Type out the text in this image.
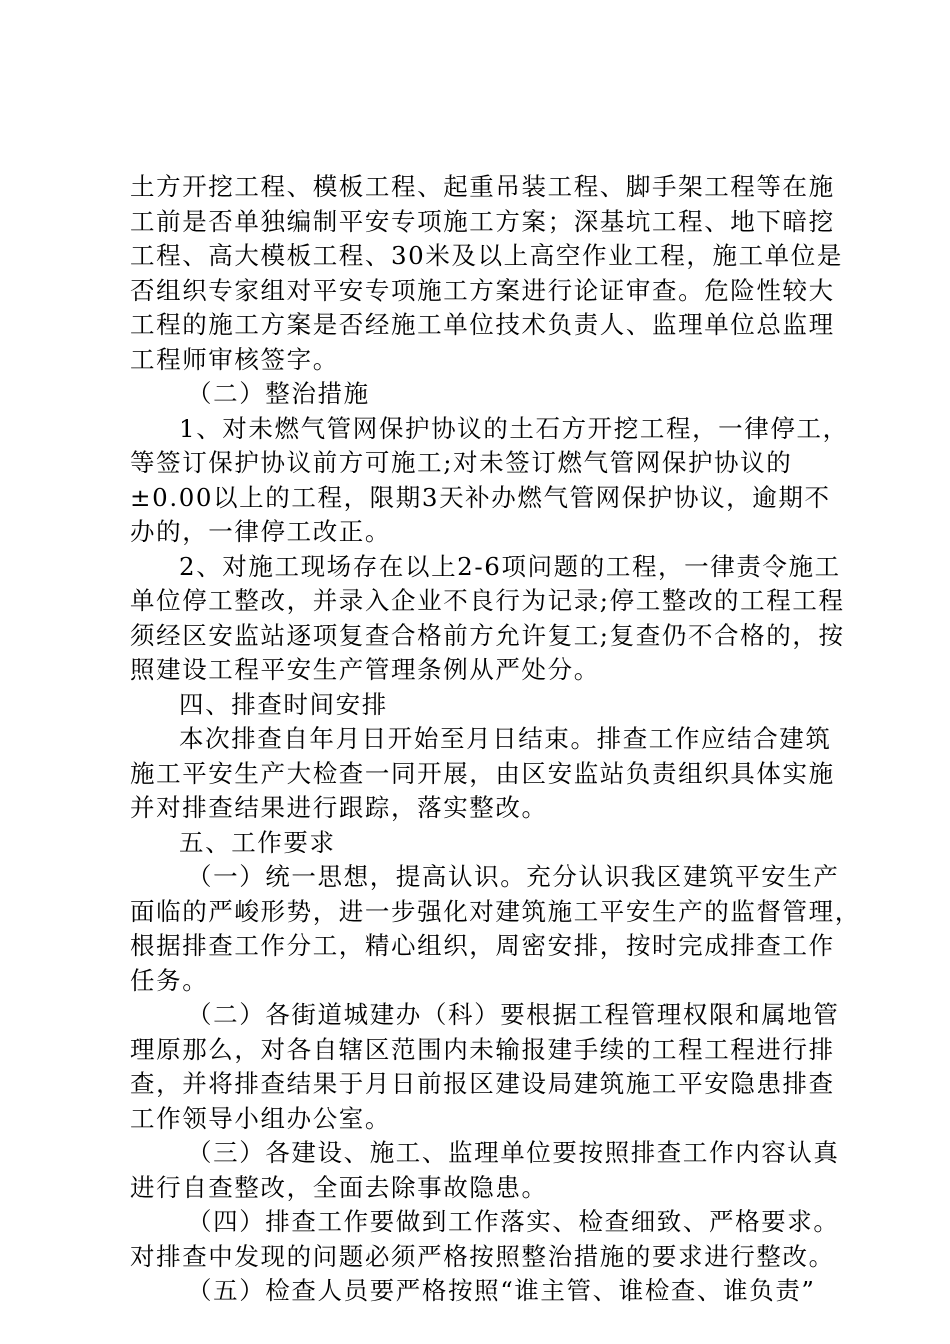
土方开挖工程、模板工程、起重吊装工程、脚手架工程等在施
工前是否单独编制平安专项施工方案；深基坑工程、地下暗挖
工程、高大模板工程、30米及以上高空作业工程，施工单位是
否组织专家组对平安专项施工方案进行论证审查。危险性较大
工程的施工方案是否经施工单位技术负责人、监理单位总监理
工程师审核签字。
（二）整治措施
1、对未燃气管网保护协议的土石方开挖工程，一律停工，
等签订保护协议前方可施工;对未签订燃气管网保护协议的
±0.00以上的工程，限期3天补办燃气管网保护协议，逾期不
办的，一律停工改正。
2、对施工现场存在以上2-6项问题的工程，一律责令施工
单位停工整改，并录入企业不良行为记录;停工整改的工程工程
须经区安监站逐项复查合格前方允许复工;复查仍不合格的，按
照建设工程平安生产管理条例从严处分。
四、排查时间安排
本次排查自年月日开始至月日结束。排查工作应结合建筑
施工平安生产大检查一同开展，由区安监站负责组织具体实施
并对排查结果进行跟踪，落实整改。
五、工作要求
（一）统一思想，提高认识。充分认识我区建筑平安生产
面临的严峻形势，进一步强化对建筑施工平安生产的监督管理，
根据排查工作分工，精心组织，周密安排，按时完成排查工作
任务。
（二）各街道城建办（科）要根据工程管理权限和属地管
理原那么，对各自辖区范围内未输报建手续的工程工程进行排
查，并将排查结果于月日前报区建设局建筑施工平安隐患排查
工作领导小组办公室。
（三）各建设、施工、监理单位要按照排查工作内容认真
进行自查整改，全面去除事故隐患。
（四）排查工作要做到工作落实、检查细致、严格要求。
对排查中发现的问题必须严格按照整治措施的要求进行整改。
（五）检查人员要严格按照“谁主管、谁检查、谁负责”
